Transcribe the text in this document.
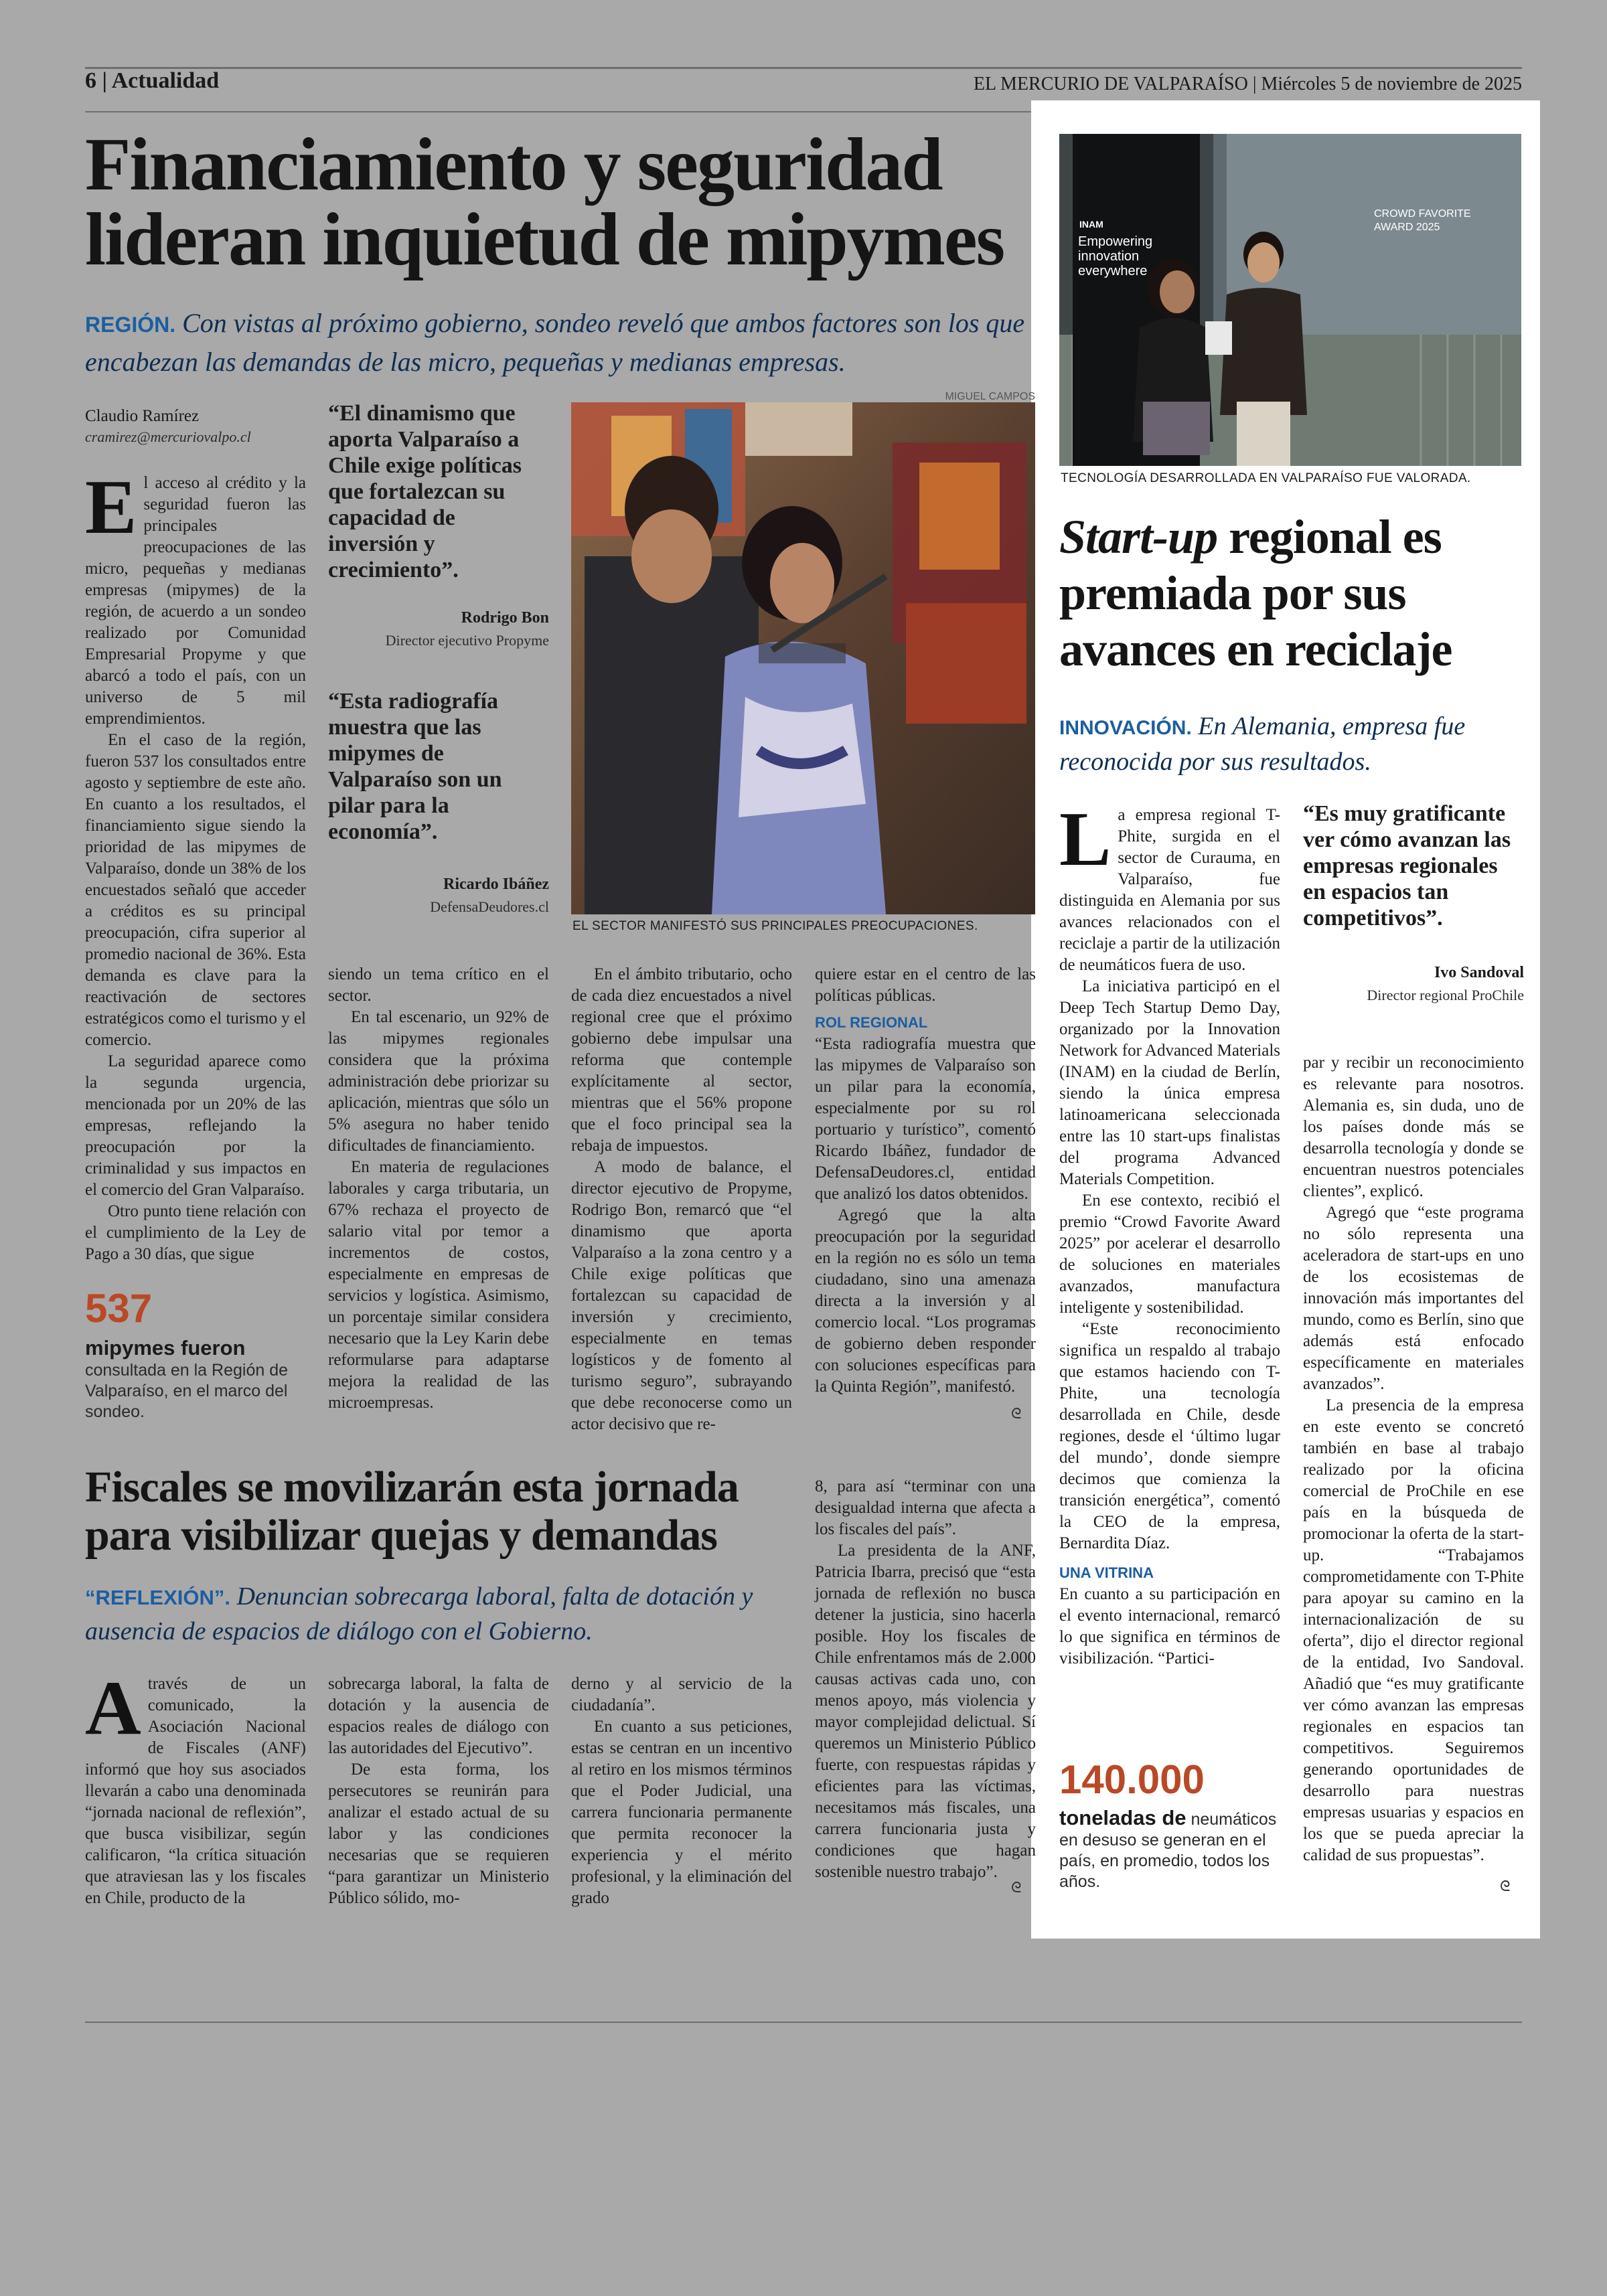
6 | Actualidad	EL MERCURIO DE VALPARAÍSO | Miércoles 5 de noviembre de 2025
Financiamiento y seguridad lideran inquietud de mipymes
REGIÓN. Con vistas al próximo gobierno, sondeo reveló que ambos factores son los que encabezan las demandas de las micro, pequeñas y medianas empresas.
Claudio Ramírez
cramirez@mercuriovalpo.cl

El acceso al crédito y la seguridad fueron las principales preocupaciones de las micro, pequeñas y medianas empresas (mipymes) de la región, de acuerdo a un sondeo realizado por Comunidad Empresarial Propyme y que abarcó a todo el país, con un universo de 5 mil emprendimientos.

En el caso de la región, fueron 537 los consultados entre agosto y septiembre de este año. En cuanto a los resultados, el financiamiento sigue siendo la prioridad de las mipymes de Valparaíso, donde un 38% de los encuestados señaló que acceder a créditos es su principal preocupación, cifra superior al promedio nacional de 36%. Esta demanda es clave para la reactivación de sectores estratégicos como el turismo y el comercio.

La seguridad aparece como la segunda urgencia, mencionada por un 20% de las empresas, reflejando la preocupación por la criminalidad y sus impactos en el comercio del Gran Valparaíso.

Otro punto tiene relación con el cumplimiento de la Ley de Pago a 30 días, que sigue

537
mipymes fueron consultada en la Región de Valparaíso, en el marco del sondeo.
“El dinamismo que aporta Valparaíso a Chile exige políticas que fortalezcan su capacidad de inversión y crecimiento”.
Rodrigo Bon
Director ejecutivo Propyme
“Esta radiografía muestra que las mipymes de Valparaíso son un pilar para la economía”.
Ricardo Ibáñez
DefensaDeudores.cl
MIGUEL CAMPOS
EL SECTOR MANIFESTÓ SUS PRINCIPALES PREOCUPACIONES.

siendo un tema crítico en el sector.

En tal escenario, un 92% de las mipymes regionales considera que la próxima administración debe priorizar su aplicación, mientras que sólo un 5% asegura no haber tenido dificultades de financiamiento.

En materia de regulaciones laborales y carga tributaria, un 67% rechaza el proyecto de salario vital por temor a incrementos de costos, especialmente en empresas de servicios y logística. Asimismo, un porcentaje similar considera necesario que la Ley Karin debe reformularse para adaptarse mejora la realidad de las microempresas.

En el ámbito tributario, ocho de cada diez encuestados a nivel regional cree que el próximo gobierno debe impulsar una reforma que contemple explícitamente al sector, mientras que el 56% propone que el foco principal sea la rebaja de impuestos.

A modo de balance, el director ejecutivo de Propyme, Rodrigo Bon, remarcó que “el dinamismo que aporta Valparaíso a la zona centro y a Chile exige políticas que fortalezcan su capacidad de inversión y crecimiento, especialmente en temas logísticos y de fomento al turismo seguro”, subrayando que debe reconocerse como un actor decisivo que re-

quiere estar en el centro de las políticas públicas.

ROL REGIONAL

“Esta radiografía muestra que las mipymes de Valparaíso son un pilar para la economía, especialmente por su rol portuario y turístico”, comentó Ricardo Ibáñez, fundador de DefensaDeudores.cl, entidad que analizó los datos obtenidos.

Agregó que la alta preocupación por la seguridad en la región no es sólo un tema ciudadano, sino una amenaza directa a la inversión y al comercio local. “Los programas de gobierno deben responder con soluciones específicas para la Quinta Región”, manifestó.

ᘓ
Fiscales se movilizarán esta jornada para visibilizar quejas y demandas
“REFLEXIÓN”. Denuncian sobrecarga laboral, falta de dotación y ausencia de espacios de diálogo con el Gobierno.

Através de un comunicado, la Asociación Nacional de Fiscales (ANF) informó que hoy sus asociados llevarán a cabo una denominada “jornada nacional de reflexión”, que busca visibilizar, según calificaron, “la crítica situación que atraviesan las y los fiscales en Chile, producto de la

sobrecarga laboral, la falta de dotación y la ausencia de espacios reales de diálogo con las autoridades del Ejecutivo”.

De esta forma, los persecutores se reunirán para analizar el estado actual de su labor y las condiciones necesarias que se requieren “para garantizar un Ministerio Público sólido, mo-

derno y al servicio de la ciudadanía”.

En cuanto a sus peticiones, estas se centran en un incentivo al retiro en los mismos términos que el Poder Judicial, una carrera funcionaria permanente que permita reconocer la experiencia y el mérito profesional, y la eliminación del grado

8, para así “terminar con una desigualdad interna que afecta a los fiscales del país”.

La presidenta de la ANF, Patricia Ibarra, precisó que “esta jornada de reflexión no busca detener la justicia, sino hacerla posible. Hoy los fiscales de Chile enfrentamos más de 2.000 causas activas cada uno, con menos apoyo, más violencia y mayor complejidad delictual. Sí queremos un Ministerio Público fuerte, con respuestas rápidas y eficientes para las víctimas, necesitamos más fiscales, una carrera funcionaria justa y condiciones que hagan sostenible nuestro trabajo”.

ᘓ
INAM
Empowering innovation everywhere
CROWD FAVORITE AWARD 2025
TECNOLOGÍA DESARROLLADA EN VALPARAÍSO FUE VALORADA.
Start-up regional es premiada por sus avances en reciclaje
INNOVACIÓN. En Alemania, empresa fue reconocida por sus resultados.

La empresa regional T-Phite, surgida en el sector de Curauma, en Valparaíso, fue distinguida en Alemania por sus avances relacionados con el reciclaje a partir de la utilización de neumáticos fuera de uso.

La iniciativa participó en el Deep Tech Startup Demo Day, organizado por la Innovation Network for Advanced Materials (INAM) en la ciudad de Berlín, siendo la única empresa latinoamericana seleccionada entre las 10 start-ups finalistas del programa Advanced Materials Competition.

En ese contexto, recibió el premio “Crowd Favorite Award 2025” por acelerar el desarrollo de soluciones en materiales avanzados, manufactura inteligente y sostenibilidad.

“Este reconocimiento significa un respaldo al trabajo que estamos haciendo con T-Phite, una tecnología desarrollada en Chile, desde regiones, desde el ‘último lugar del mundo’, donde siempre decimos que comienza la transición energética”, comentó la CEO de la empresa, Bernardita Díaz.

UNA VITRINA

En cuanto a su participación en el evento internacional, remarcó lo que significa en términos de visibilización. “Partici-

140.000
toneladas de neumáticos en desuso se generan en el país, en promedio, todos los años.
“Es muy gratificante ver cómo avanzan las empresas regionales en espacios tan competitivos”.
Ivo Sandoval
Director regional ProChile

par y recibir un reconocimiento es relevante para nosotros. Alemania es, sin duda, uno de los países donde más se desarrolla tecnología y donde se encuentran nuestros potenciales clientes”, explicó.

Agregó que “este programa no sólo representa una aceleradora de start-ups en uno de los ecosistemas de innovación más importantes del mundo, como es Berlín, sino que además está enfocado específicamente en materiales avanzados”.

La presencia de la empresa en este evento se concretó también en base al trabajo realizado por la oficina comercial de ProChile en ese país en la búsqueda de promocionar la oferta de la start-up. “Trabajamos comprometidamente con T-Phite para apoyar su camino en la internacionalización de su oferta”, dijo el director regional de la entidad, Ivo Sandoval. Añadió que “es muy gratificante ver cómo avanzan las empresas regionales en espacios tan competitivos. Seguiremos generando oportunidades de desarrollo para nuestras empresas usuarias y espacios en los que se pueda apreciar la calidad de sus propuestas”.

ᘓ
